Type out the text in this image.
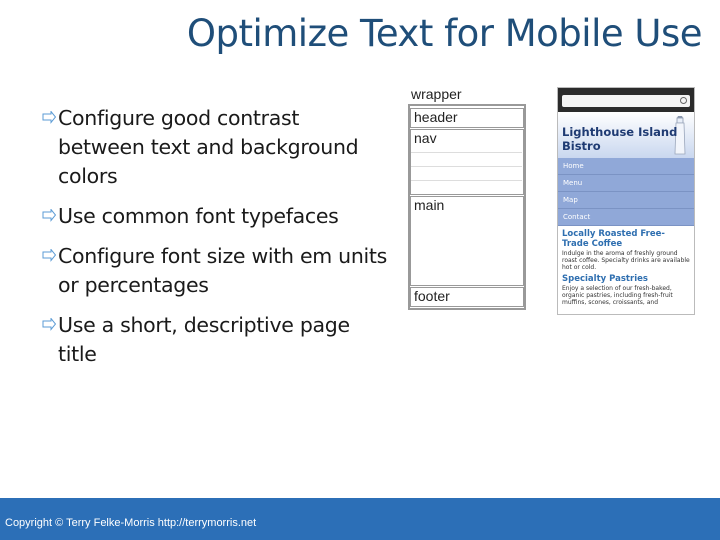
Optimize Text for Mobile Use
Configure good contrast between text and background colors
Use common font typefaces
Configure font size with em units or percentages
Use a short, descriptive page title
wrapper
header
nav
main
footer
Lighthouse Island Bistro
Home
Menu
Map
Contact
Locally Roasted Free-Trade Coffee
Indulge in the aroma of freshly ground roast coffee. Specialty drinks are available hot or cold.
Specialty Pastries
Enjoy a selection of our fresh-baked, organic pastries, including fresh-fruit muffins, scones, croissants, and
Copyright © Terry Felke-Morris http://terrymorris.net
